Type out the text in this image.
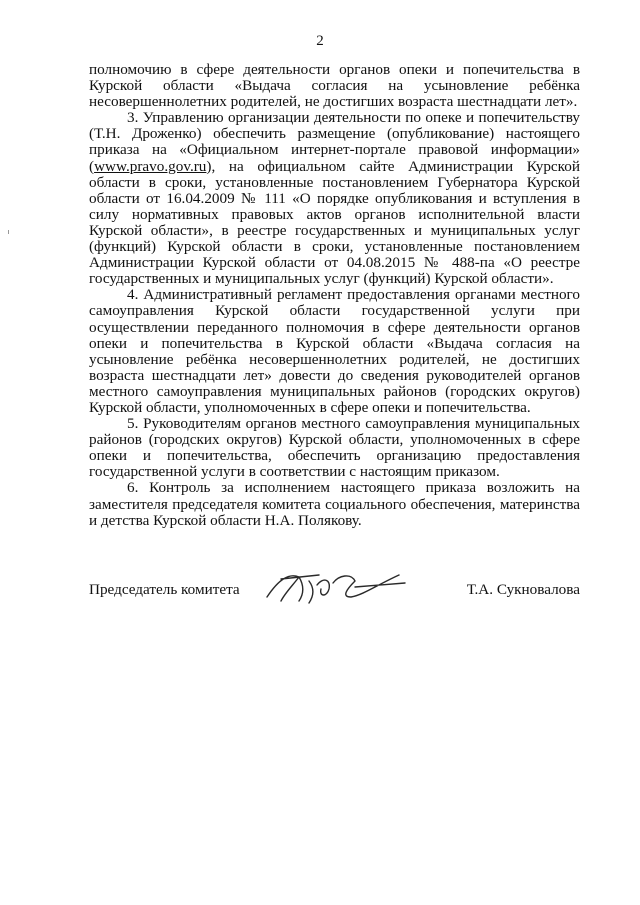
2

полномочию в сфере деятельности органов опеки и попечительства в Курской области «Выдача согласия на усыновление ребёнка несовершеннолетних родителей, не достигших возраста шестнадцати лет».

3. Управлению организации деятельности по опеке и попечительству (Т.Н. Дроженко) обеспечить размещение (опубликование) настоящего приказа на «Официальном интернет-портале правовой информации» (www.pravo.gov.ru), на официальном сайте Администрации Курской области в сроки, установленные постановлением Губернатора Курской области от 16.04.2009 № 111 «О порядке опубликования и вступления в силу нормативных правовых актов органов исполнительной власти Курской области», в реестре государственных и муниципальных услуг (функций) Курской области в сроки, установленные постановлением Администрации Курской области от 04.08.2015 № 488-па «О реестре государственных и муниципальных услуг (функций) Курской области».

4. Административный регламент предоставления органами местного самоуправления Курской области государственной услуги при осуществлении переданного полномочия в сфере деятельности органов опеки и попечительства в Курской области «Выдача согласия на усыновление ребёнка несовершеннолетних родителей, не достигших возраста шестнадцати лет» довести до сведения руководителей органов местного самоуправления муниципальных районов (городских округов) Курской области, уполномоченных в сфере опеки и попечительства.

5. Руководителям органов местного самоуправления муниципальных районов (городских округов) Курской области, уполномоченных в сфере опеки и попечительства, обеспечить организацию предоставления государственной услуги в соответствии с настоящим приказом.

6. Контроль за исполнением настоящего приказа возложить на заместителя председателя комитета социального обеспечения, материнства и детства Курской области Н.А. Полякову.

Председатель комитета	Т.А. Сукновалова
